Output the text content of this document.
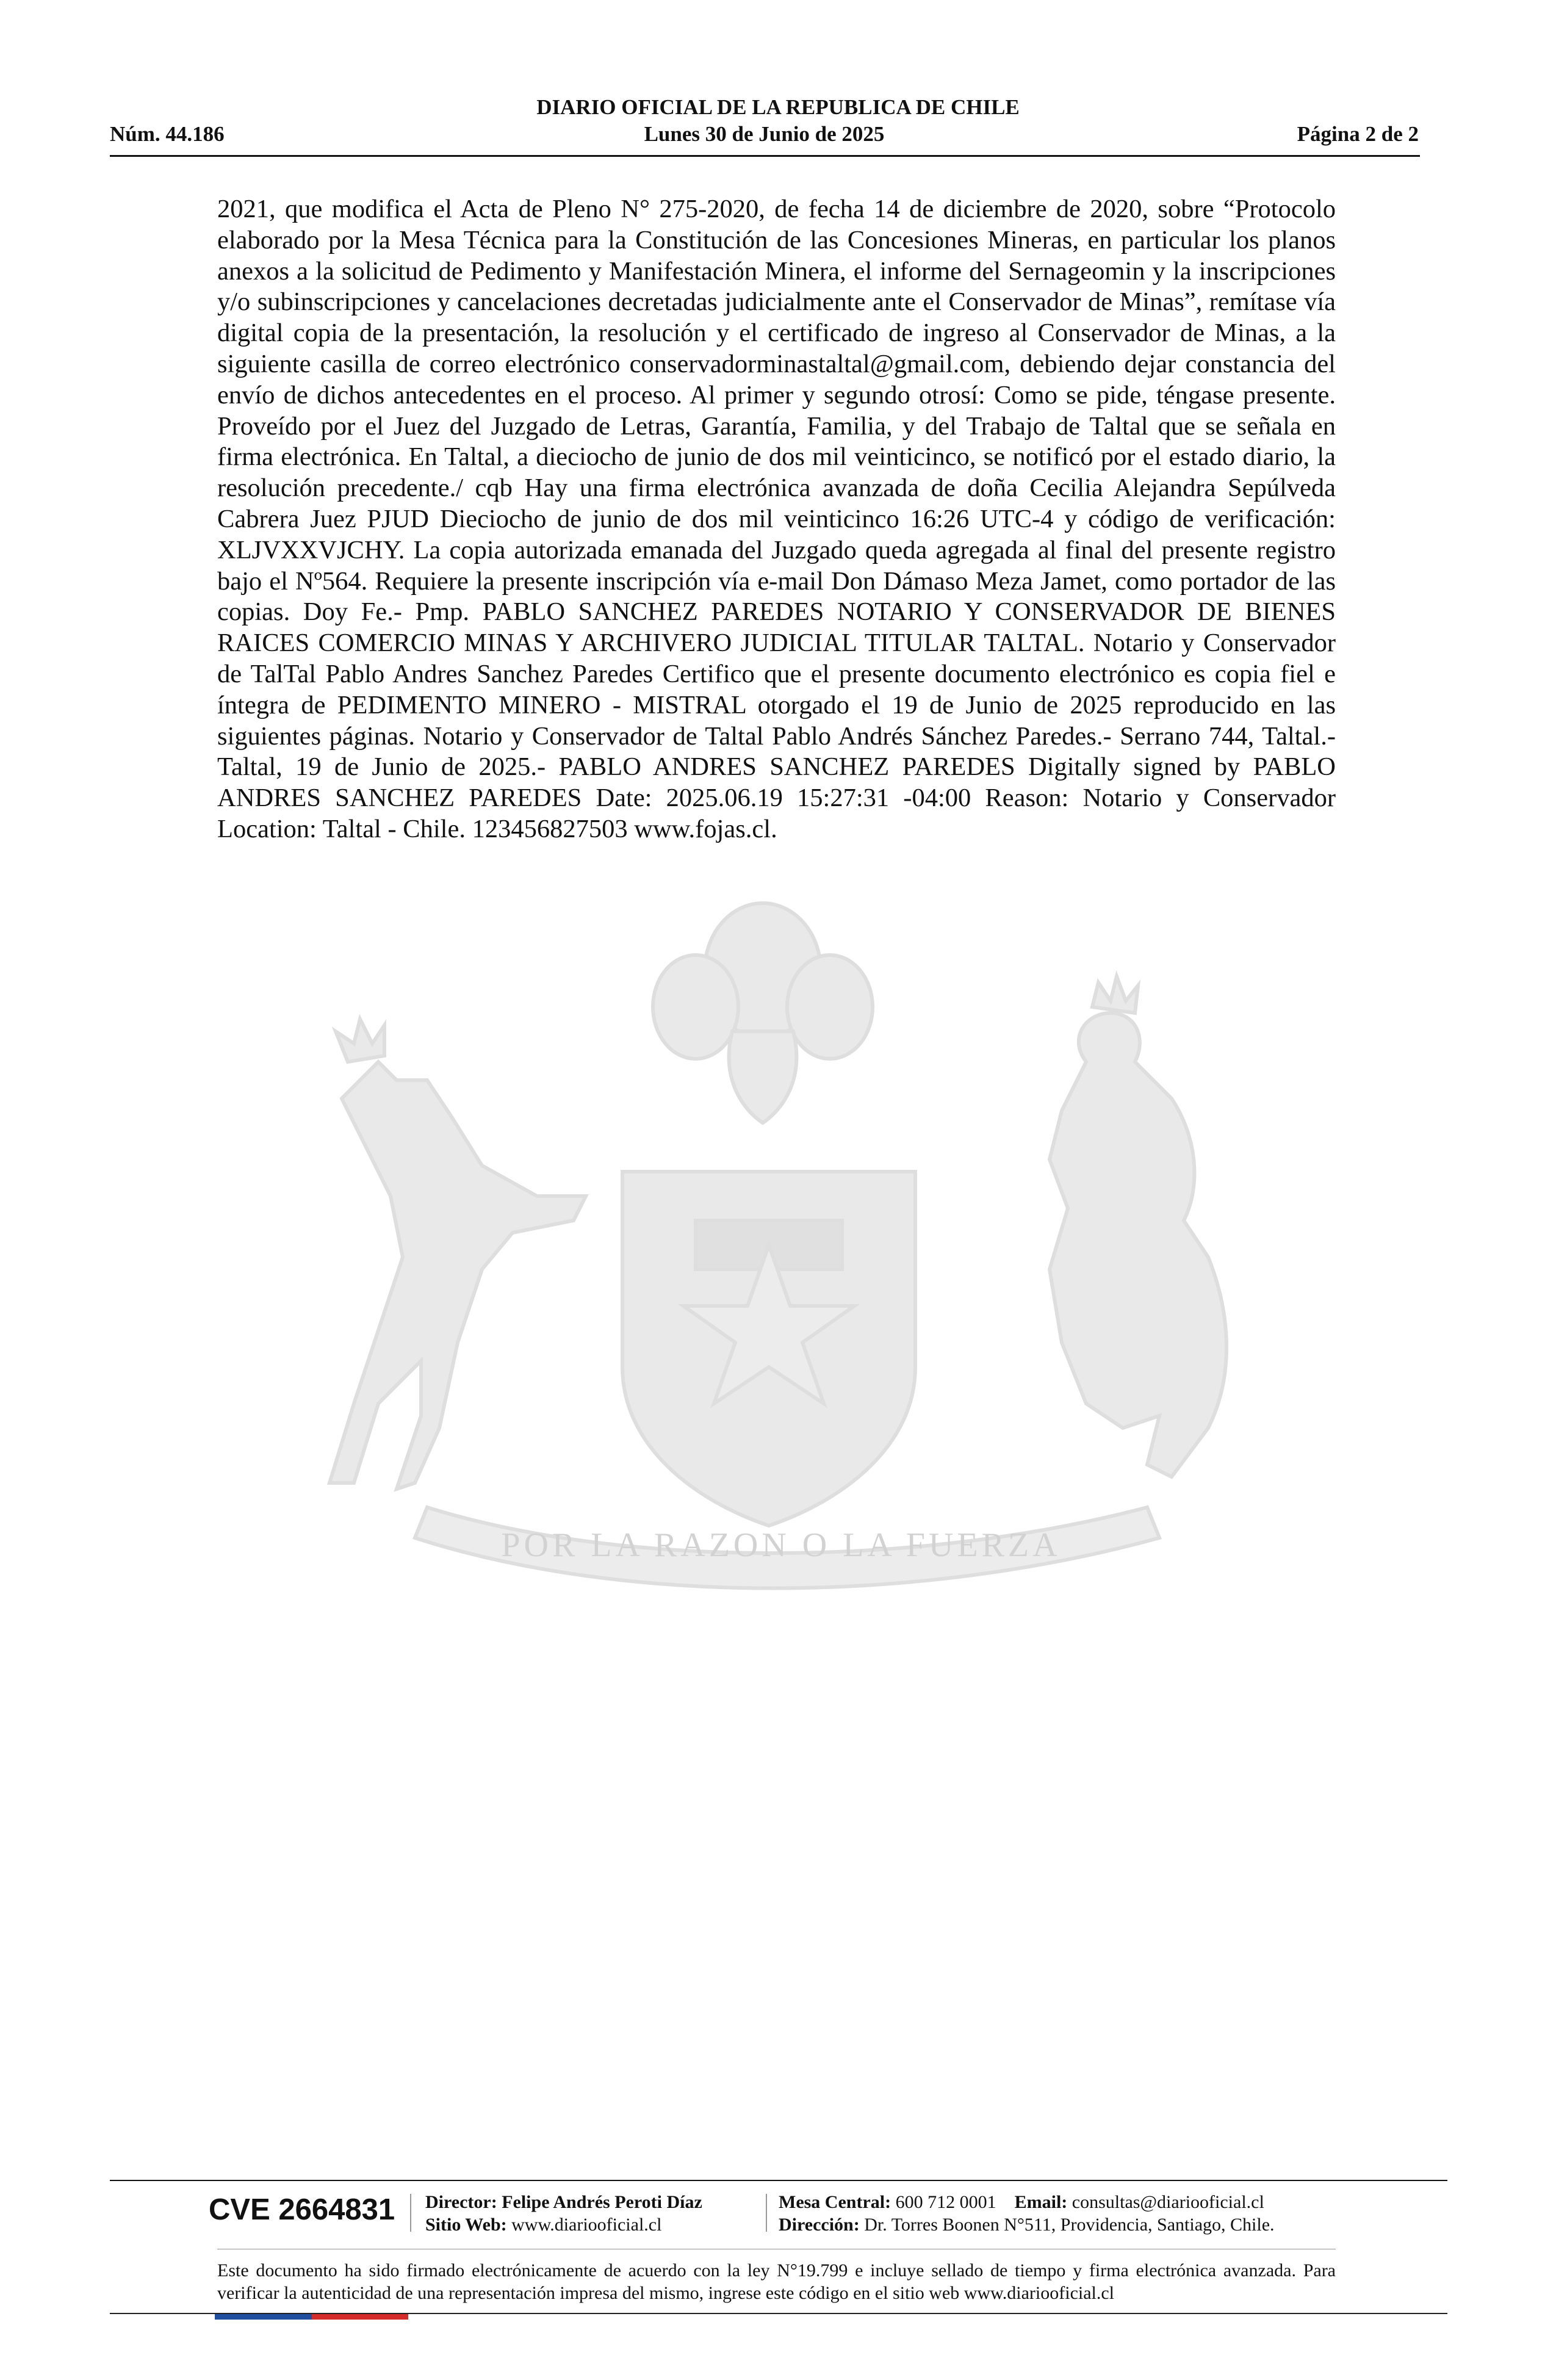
DIARIO OFICIAL DE LA REPUBLICA DE CHILE
Núm. 44.186	Lunes 30 de Junio de 2025	Página 2 de 2
2021, que modifica el Acta de Pleno N° 275-2020, de fecha 14 de diciembre de 2020, sobre “Protocolo elaborado por la Mesa Técnica para la Constitución de las Concesiones Mineras, en particular los planos anexos a la solicitud de Pedimento y Manifestación Minera, el informe del Sernageomin y la inscripciones y/o subinscripciones y cancelaciones decretadas judicialmente ante el Conservador de Minas”, remítase vía digital copia de la presentación, la resolución y el certificado de ingreso al Conservador de Minas, a la siguiente casilla de correo electrónico conservadorminastaltal@gmail.com, debiendo dejar constancia del envío de dichos antecedentes en el proceso. Al primer y segundo otrosí: Como se pide, téngase presente. Proveído por el Juez del Juzgado de Letras, Garantía, Familia, y del Trabajo de Taltal que se señala en firma electrónica. En Taltal, a dieciocho de junio de dos mil veinticinco, se notificó por el estado diario, la resolución precedente./ cqb Hay una firma electrónica avanzada de doña Cecilia Alejandra Sepúlveda Cabrera Juez PJUD Dieciocho de junio de dos mil veinticinco 16:26 UTC-4 y código de verificación: XLJVXXVJCHY. La copia autorizada emanada del Juzgado queda agregada al final del presente registro bajo el Nº564. Requiere la presente inscripción vía e-mail Don Dámaso Meza Jamet, como portador de las copias. Doy Fe.- Pmp. PABLO SANCHEZ PAREDES NOTARIO Y CONSERVADOR DE BIENES RAICES COMERCIO MINAS Y ARCHIVERO JUDICIAL TITULAR TALTAL. Notario y Conservador de TalTal Pablo Andres Sanchez Paredes Certifico que el presente documento electrónico es copia fiel e íntegra de PEDIMENTO MINERO - MISTRAL otorgado el 19 de Junio de 2025 reproducido en las siguientes páginas. Notario y Conservador de Taltal Pablo Andrés Sánchez Paredes.- Serrano 744, Taltal.- Taltal, 19 de Junio de 2025.- PABLO ANDRES SANCHEZ PAREDES Digitally signed by PABLO ANDRES SANCHEZ PAREDES Date: 2025.06.19 15:27:31 -04:00 Reason: Notario y Conservador Location: Taltal - Chile. 123456827503 www.fojas.cl.
POR LA RAZON O LA FUERZA
CVE 2664831 Director: Felipe Andrés Peroti Díaz
Sitio Web: www.diariooficial.cl
Mesa Central: 600 712 0001 Email: consultas@diariooficial.cl
Dirección: Dr. Torres Boonen N°511, Providencia, Santiago, Chile.
Este documento ha sido firmado electrónicamente de acuerdo con la ley N°19.799 e incluye sellado de tiempo y firma electrónica avanzada. Para verificar la autenticidad de una representación impresa del mismo, ingrese este código en el sitio web www.diariooficial.cl
